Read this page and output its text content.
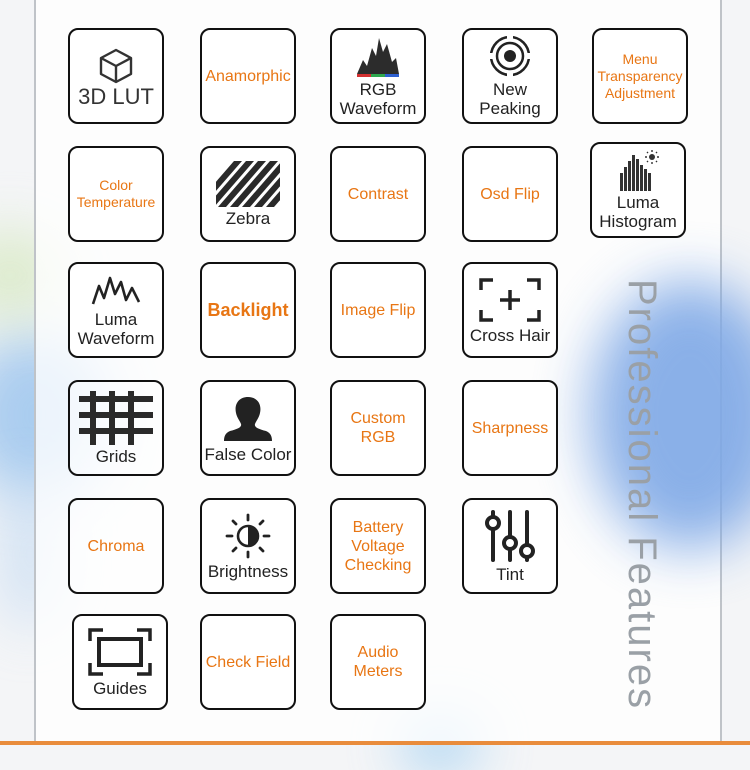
Professional Features
3D LUT
Anamorphic
RGB Waveform
New Peaking
Menu Transparency Adjustment
Color Temperature
Zebra
Contrast	Osd Flip	Luma Histogram
Luma Waveform
Backlight	Image Flip
Cross Hair
Grids	False Color
Custom RGB
Sharpness
Chroma
Brightness
Battery Voltage Checking	Tint
Guides
Check Field
Audio Meters
